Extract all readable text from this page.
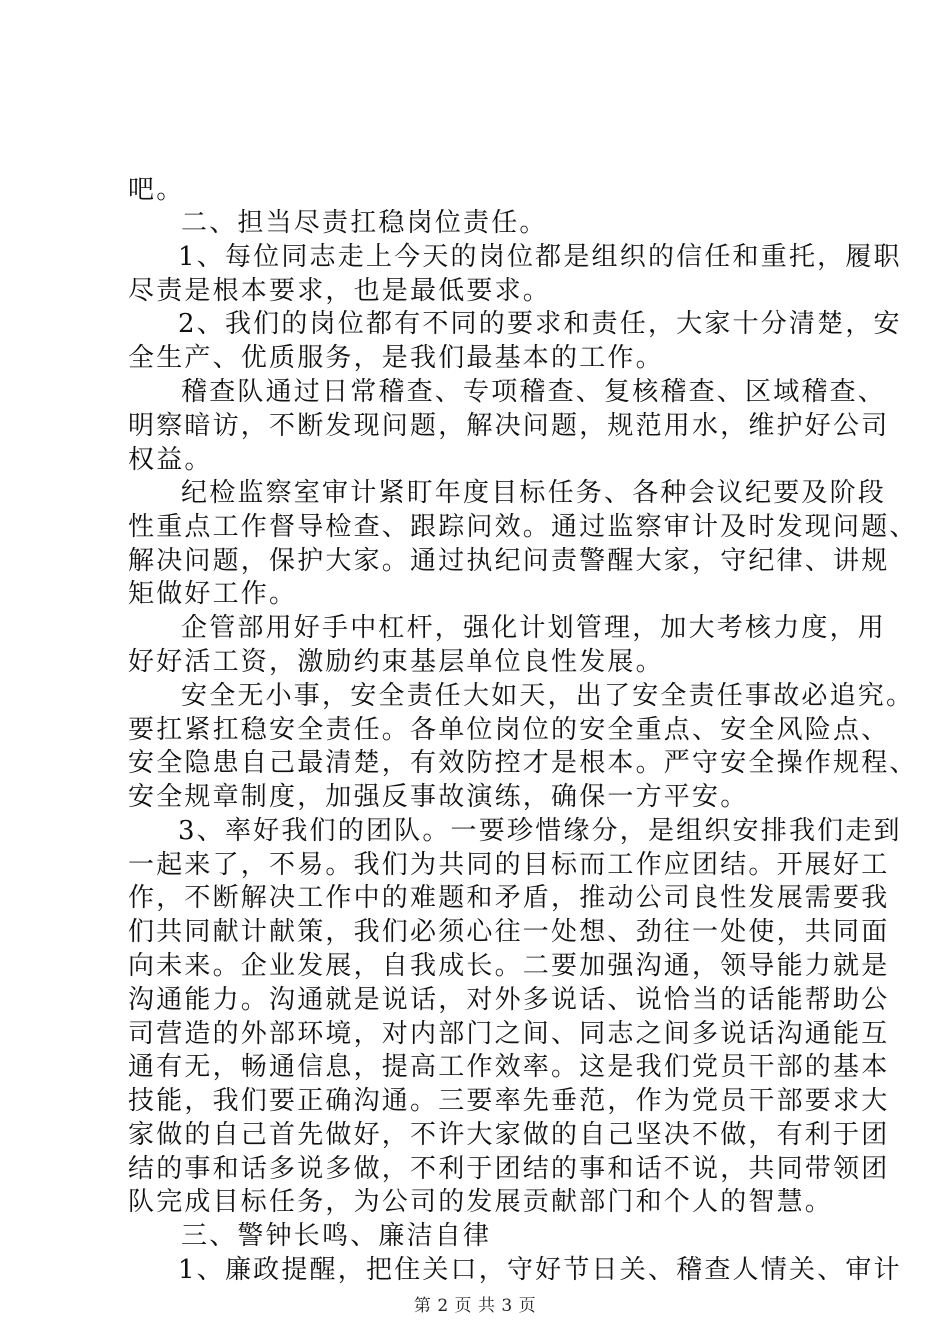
吧。
二、担当尽责扛稳岗位责任。
1、每位同志走上今天的岗位都是组织的信任和重托，履职
尽责是根本要求，也是最低要求。
2、我们的岗位都有不同的要求和责任，大家十分清楚，安
全生产、优质服务，是我们最基本的工作。
稽查队通过日常稽查、专项稽查、复核稽查、区域稽查、
明察暗访，不断发现问题，解决问题，规范用水，维护好公司
权益。
纪检监察室审计紧盯年度目标任务、各种会议纪要及阶段
性重点工作督导检查、跟踪问效。通过监察审计及时发现问题、
解决问题，保护大家。通过执纪问责警醒大家，守纪律、讲规
矩做好工作。
企管部用好手中杠杆，强化计划管理，加大考核力度，用
好好活工资，激励约束基层单位良性发展。
安全无小事，安全责任大如天，出了安全责任事故必追究。
要扛紧扛稳安全责任。各单位岗位的安全重点、安全风险点、
安全隐患自己最清楚，有效防控才是根本。严守安全操作规程、
安全规章制度，加强反事故演练，确保一方平安。
3、率好我们的团队。一要珍惜缘分，是组织安排我们走到
一起来了，不易。我们为共同的目标而工作应团结。开展好工
作，不断解决工作中的难题和矛盾，推动公司良性发展需要我
们共同献计献策，我们必须心往一处想、劲往一处使，共同面
向未来。企业发展，自我成长。二要加强沟通，领导能力就是
沟通能力。沟通就是说话，对外多说话、说恰当的话能帮助公
司营造的外部环境，对内部门之间、同志之间多说话沟通能互
通有无，畅通信息，提高工作效率。这是我们党员干部的基本
技能，我们要正确沟通。三要率先垂范，作为党员干部要求大
家做的自己首先做好，不许大家做的自己坚决不做，有利于团
结的事和话多说多做，不利于团结的事和话不说，共同带领团
队完成目标任务，为公司的发展贡献部门和个人的智慧。
三、警钟长鸣、廉洁自律
1、廉政提醒，把住关口，守好节日关、稽查人情关、审计
第 2 页 共 3 页
